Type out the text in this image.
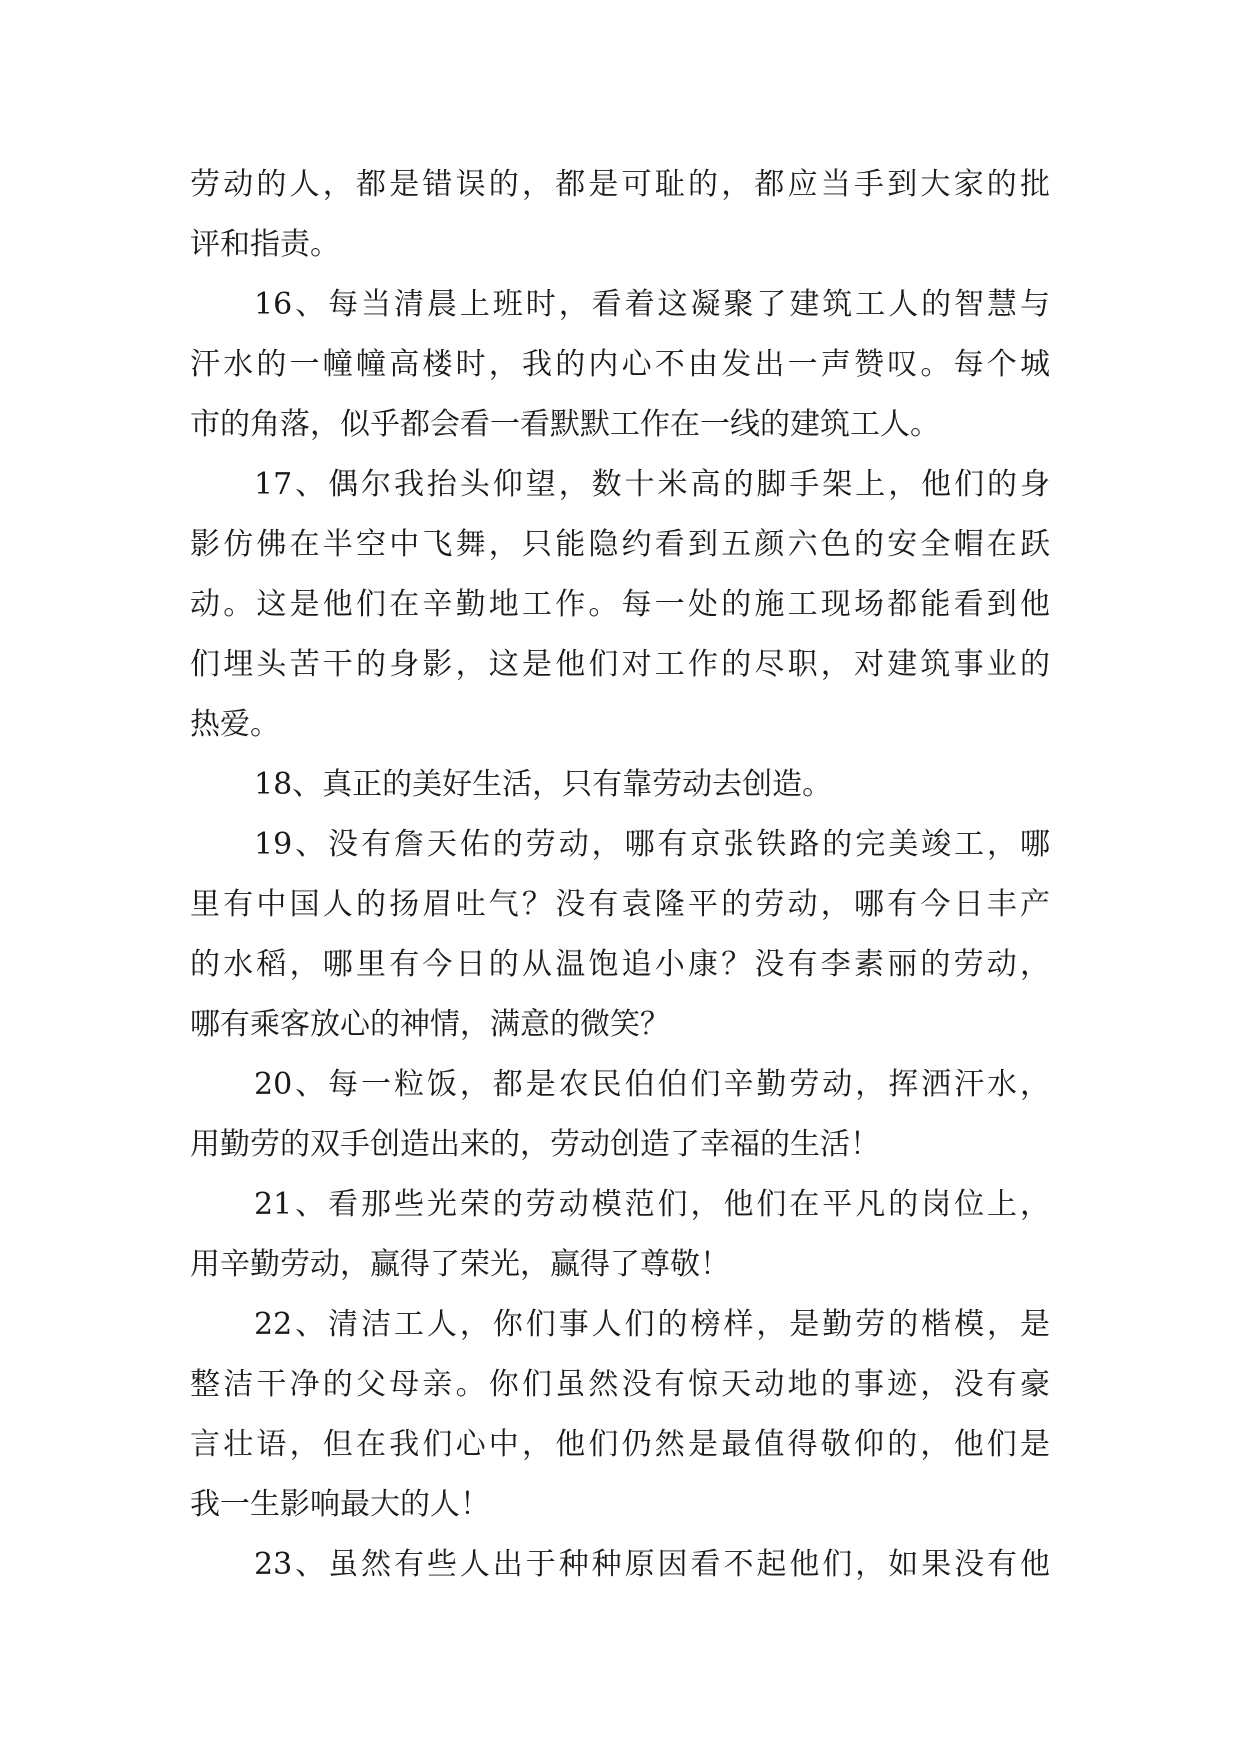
劳动的人，都是错误的，都是可耻的，都应当手到大家的批
评和指责。
16、每当清晨上班时，看着这凝聚了建筑工人的智慧与
汗水的一幢幢高楼时，我的内心不由发出一声赞叹。每个城
市的角落，似乎都会看一看默默工作在一线的建筑工人。
17、偶尔我抬头仰望，数十米高的脚手架上，他们的身
影仿佛在半空中飞舞，只能隐约看到五颜六色的安全帽在跃
动。这是他们在辛勤地工作。每一处的施工现场都能看到他
们埋头苦干的身影，这是他们对工作的尽职，对建筑事业的
热爱。
18、真正的美好生活，只有靠劳动去创造。
19、没有詹天佑的劳动，哪有京张铁路的完美竣工，哪
里有中国人的扬眉吐气？没有袁隆平的劳动，哪有今日丰产
的水稻，哪里有今日的从温饱追小康？没有李素丽的劳动，
哪有乘客放心的神情，满意的微笑？
20、每一粒饭，都是农民伯伯们辛勤劳动，挥洒汗水，
用勤劳的双手创造出来的，劳动创造了幸福的生活！
21、看那些光荣的劳动模范们，他们在平凡的岗位上，
用辛勤劳动，赢得了荣光，赢得了尊敬！
22、清洁工人，你们事人们的榜样，是勤劳的楷模，是
整洁干净的父母亲。你们虽然没有惊天动地的事迹，没有豪
言壮语，但在我们心中，他们仍然是最值得敬仰的，他们是
我一生影响最大的人！
23、虽然有些人出于种种原因看不起他们，如果没有他
